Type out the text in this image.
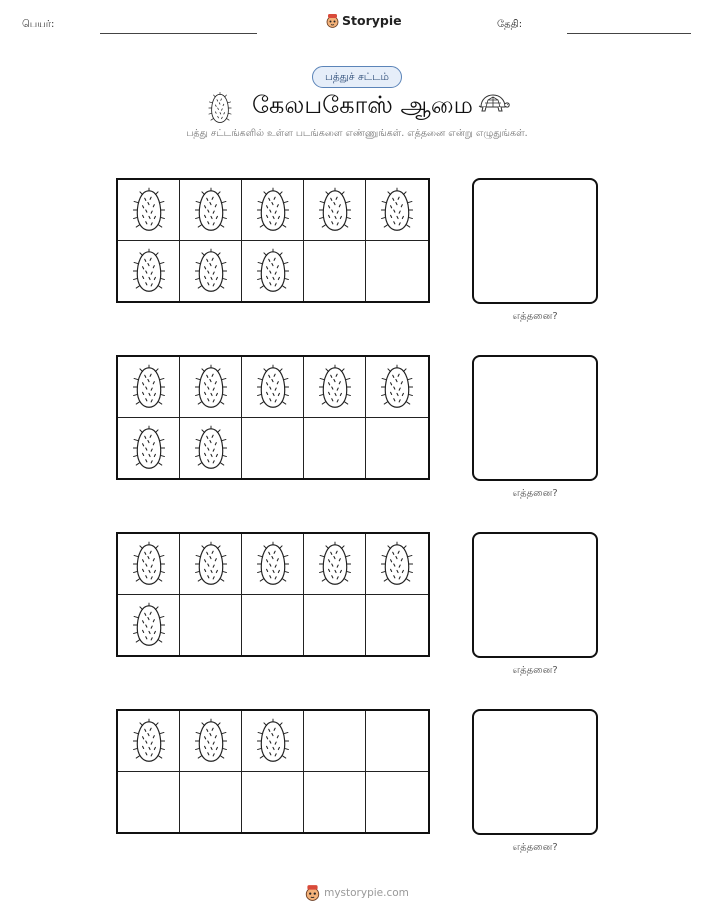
பெயர்:	Storypie	தேதி:
பத்துச் சட்டம்
கேலபகோஸ் ஆமை
பத்து சட்டங்களில் உள்ள படங்களை எண்ணுங்கள். எத்தனை என்று எழுதுங்கள்.
எத்தனை?
எத்தனை?
எத்தனை?
எத்தனை?
mystorypie.com
